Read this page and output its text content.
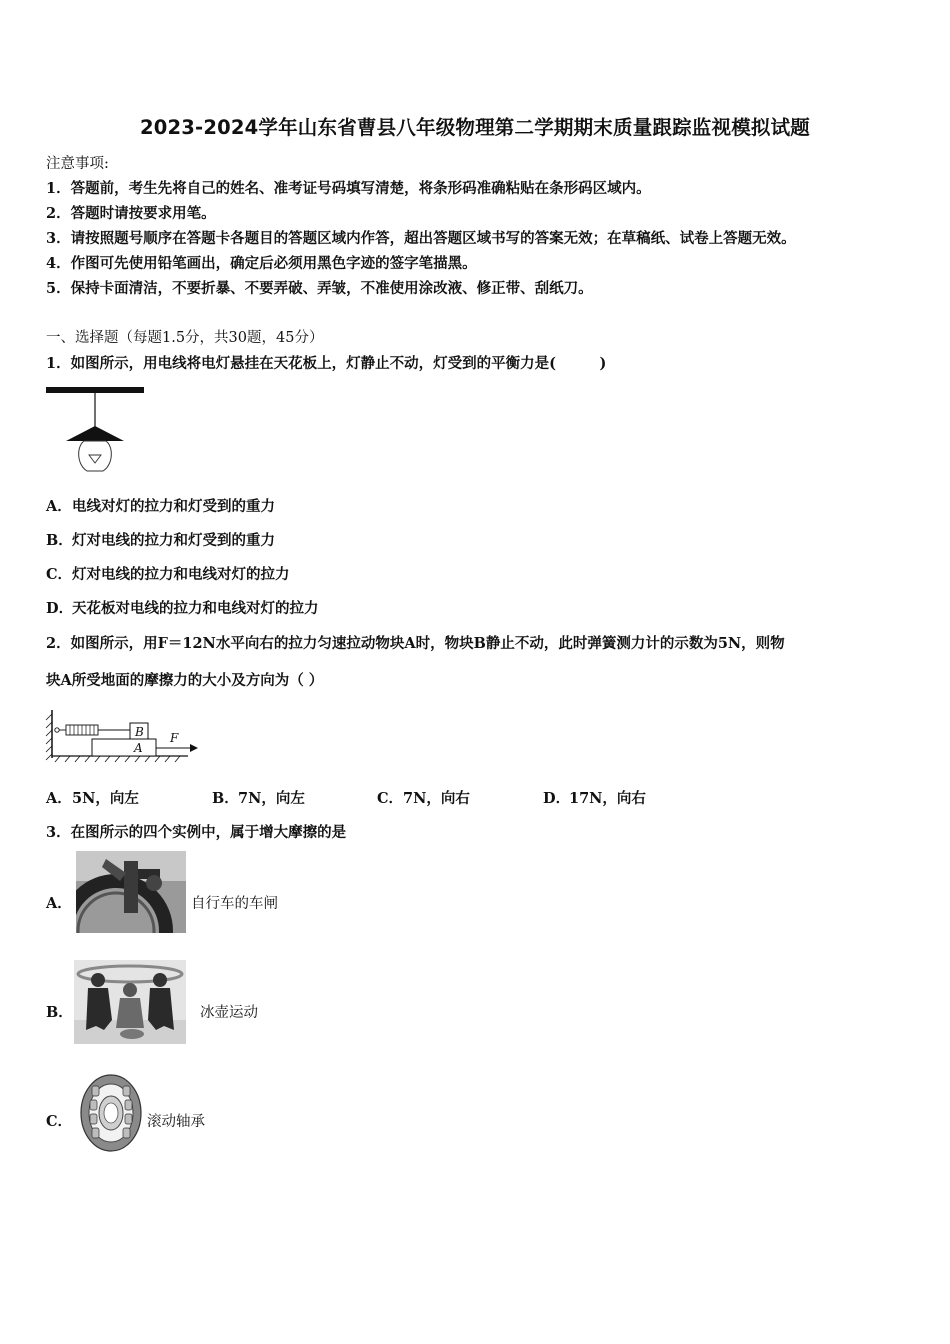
2023-2024学年山东省曹县八年级物理第二学期期末质量跟踪监视模拟试题
注意事项:
1．答题前，考生先将自己的姓名、准考证号码填写清楚，将条形码准确粘贴在条形码区域内。
2．答题时请按要求用笔。
3．请按照题号顺序在答题卡各题目的答题区域内作答，超出答题区域书写的答案无效；在草稿纸、试卷上答题无效。
4．作图可先使用铅笔画出，确定后必须用黑色字迹的签字笔描黑。
5．保持卡面清洁，不要折暴、不要弄破、弄皱，不准使用涂改液、修正带、刮纸刀。
一、选择题（每题1.5分，共30题，45分）
1．如图所示，用电线将电灯悬挂在天花板上，灯静止不动，灯受到的平衡力是(　　　)
A．电线对灯的拉力和灯受到的重力
B．灯对电线的拉力和灯受到的重力
C．灯对电线的拉力和电线对灯的拉力
D．天花板对电线的拉力和电线对灯的拉力
2．如图所示，用F＝12N水平向右的拉力匀速拉动物块A时，物块B静止不动，此时弹簧测力计的示数为5N，则物
块A所受地面的摩擦力的大小及方向为（ ）
B
A
F
A．5N，向左	B．7N，向左	C．7N，向右	D．17N，向右
3．在图所示的四个实例中，属于增大摩擦的是
A．	自行车的车闸
B．	冰壶运动
C．	滚动轴承
